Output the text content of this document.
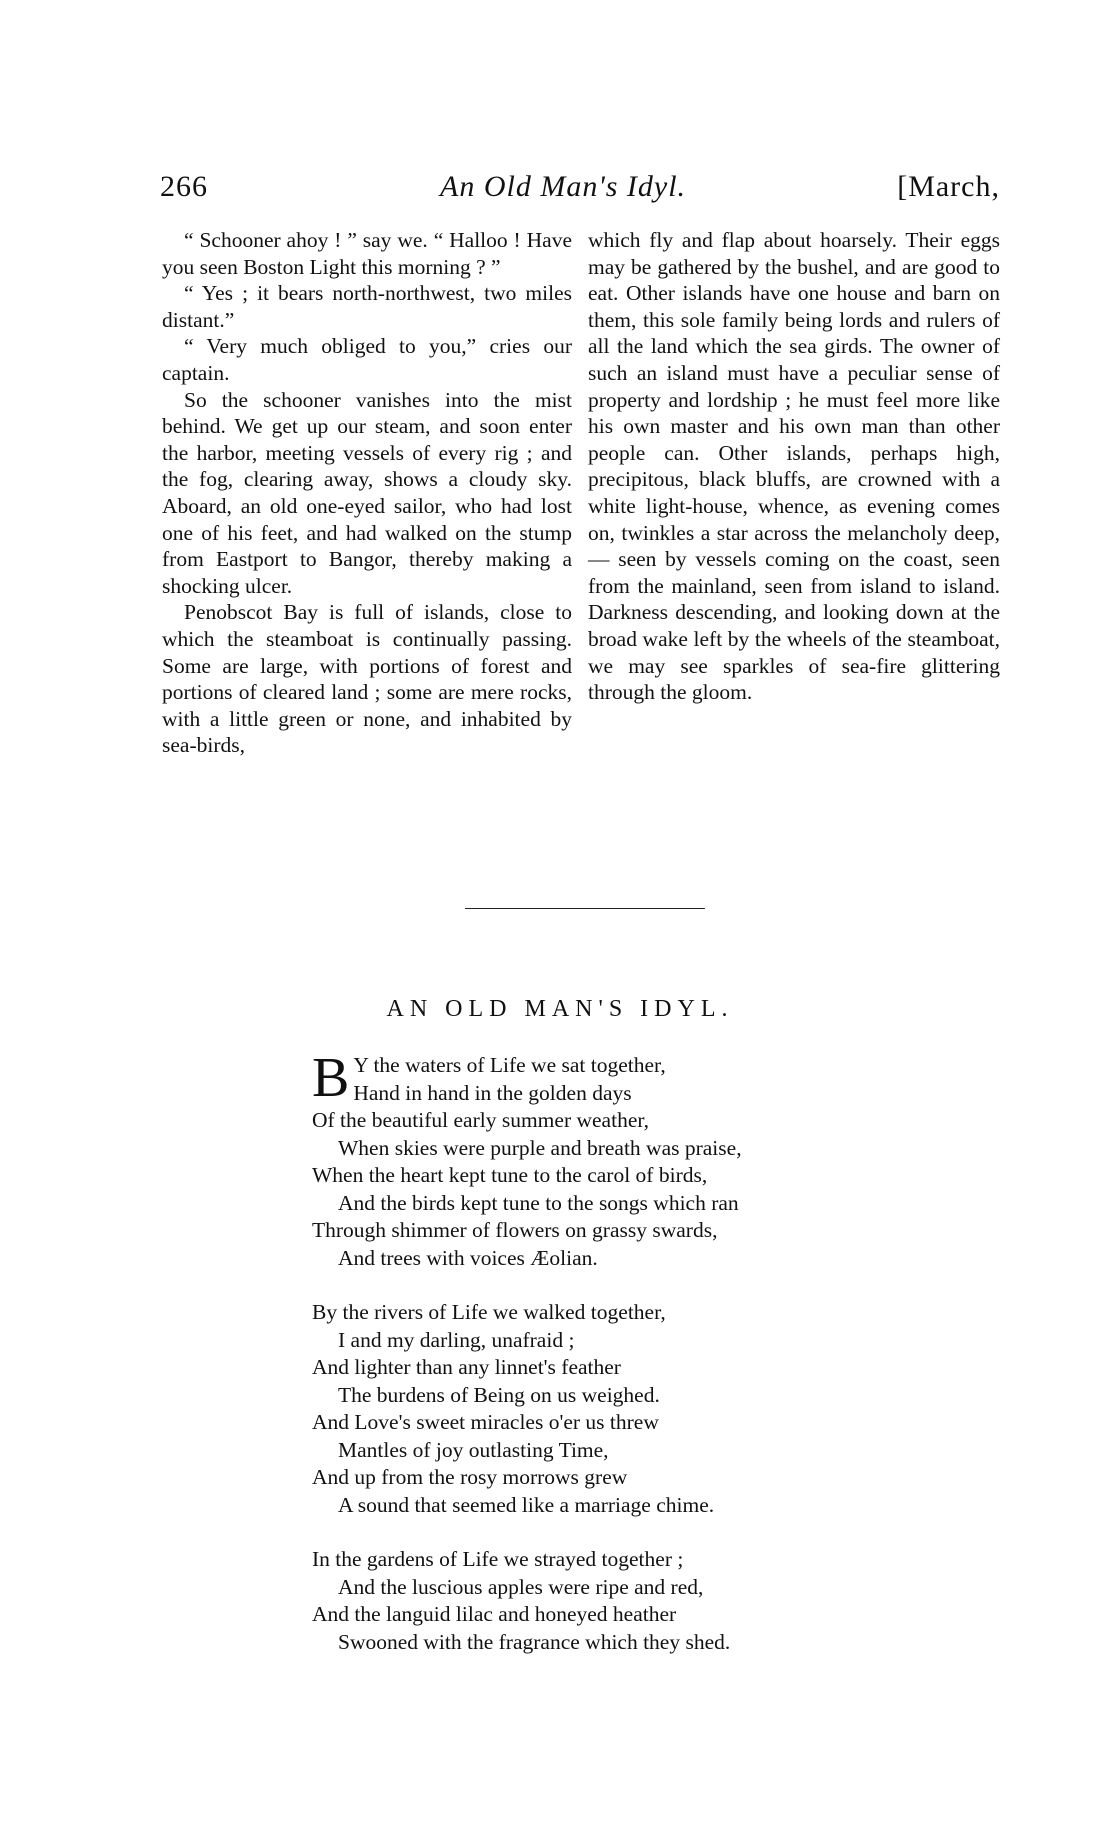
266	An Old Man's Idyl.	[March,

“ Schooner ahoy ! ” say we. “ Halloo ! Have you seen Boston Light this morning ? ”

“ Yes ; it bears north-northwest, two miles distant.”

“ Very much obliged to you,” cries our captain.

So the schooner vanishes into the mist behind. We get up our steam, and soon enter the harbor, meeting vessels of every rig ; and the fog, clearing away, shows a cloudy sky. Aboard, an old one-eyed sailor, who had lost one of his feet, and had walked on the stump from Eastport to Bangor, thereby making a shocking ulcer.

Penobscot Bay is full of islands, close to which the steamboat is continually passing. Some are large, with portions of forest and portions of cleared land ; some are mere rocks, with a little green or none, and inhabited by sea-birds,

which fly and flap about hoarsely. Their eggs may be gathered by the bushel, and are good to eat. Other islands have one house and barn on them, this sole family being lords and rulers of all the land which the sea girds. The owner of such an island must have a peculiar sense of property and lordship ; he must feel more like his own master and his own man than other people can. Other islands, perhaps high, precipitous, black bluffs, are crowned with a white light-house, whence, as evening comes on, twinkles a star across the melancholy deep, — seen by vessels coming on the coast, seen from the mainland, seen from island to island. Darkness descending, and looking down at the broad wake left by the wheels of the steamboat, we may see sparkles of sea-fire glittering through the gloom.

AN OLD MAN'S IDYL.
B Y the waters of Life we sat together,
Hand in hand in the golden days
Of the beautiful early summer weather,
When skies were purple and breath was praise,
When the heart kept tune to the carol of birds,
And the birds kept tune to the songs which ran
Through shimmer of flowers on grassy swards,
And trees with voices Æolian.
By the rivers of Life we walked together,
I and my darling, unafraid ;
And lighter than any linnet's feather
The burdens of Being on us weighed.
And Love's sweet miracles o'er us threw
Mantles of joy outlasting Time,
And up from the rosy morrows grew
A sound that seemed like a marriage chime.
In the gardens of Life we strayed together ;
And the luscious apples were ripe and red,
And the languid lilac and honeyed heather
Swooned with the fragrance which they shed.
